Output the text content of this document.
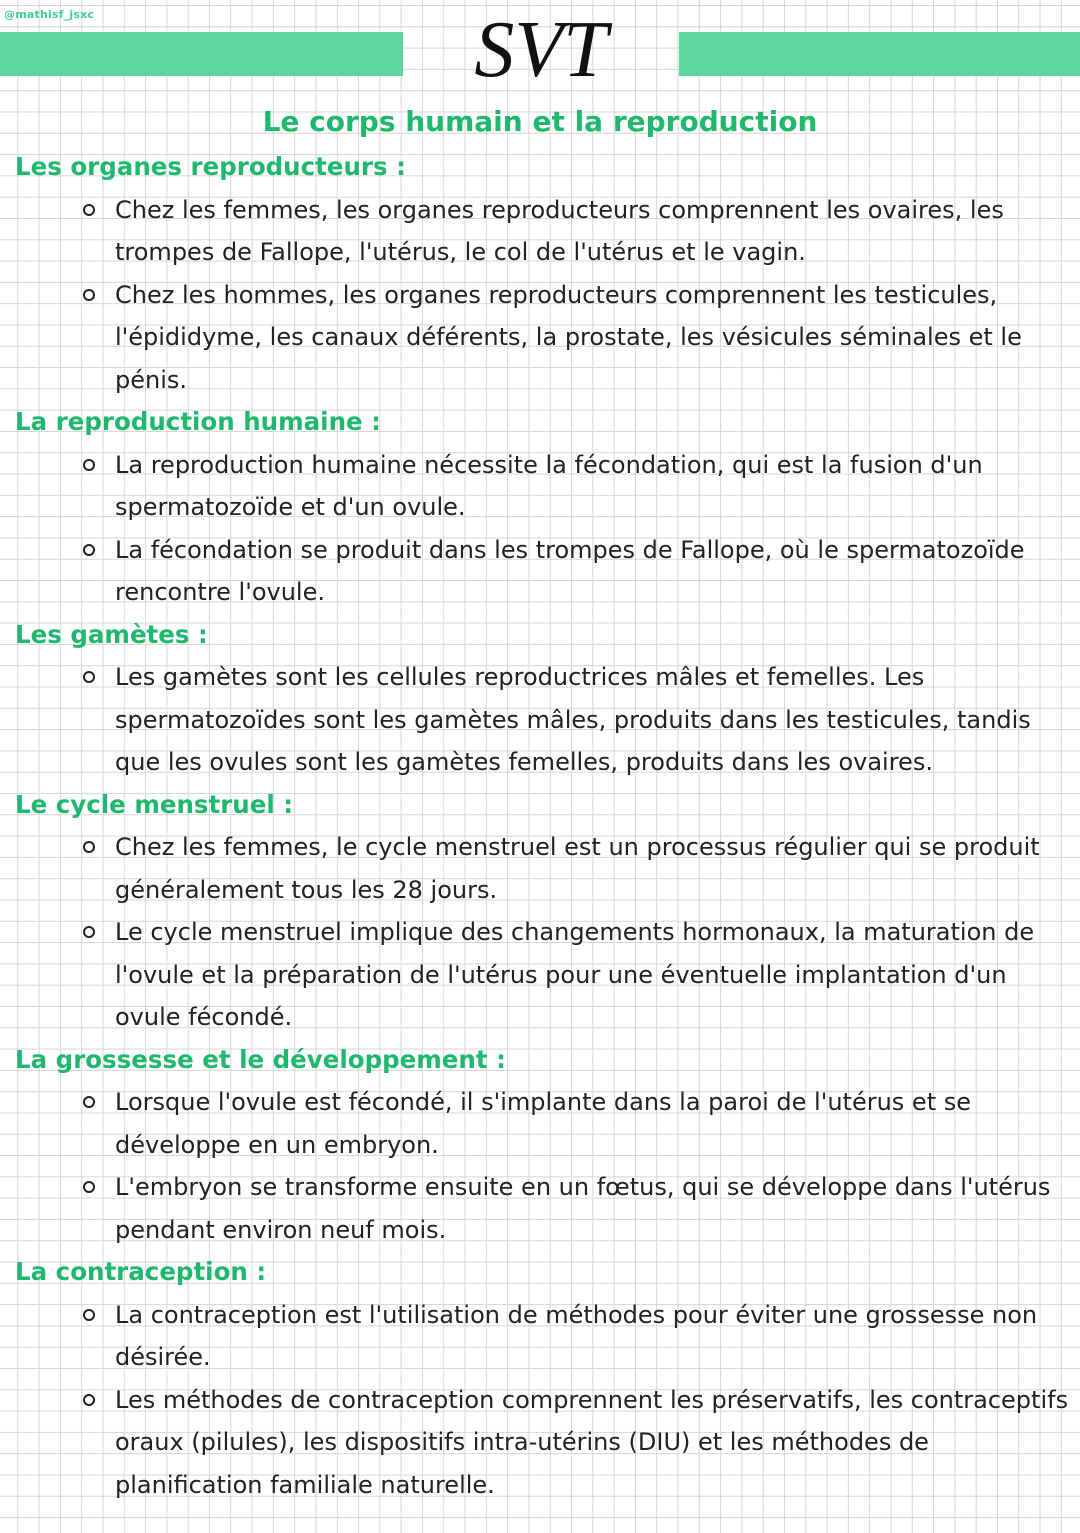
@mathisf_jsxc	SVT
Le corps humain et la reproduction
Les organes reproducteurs :
Chez les femmes, les organes reproducteurs comprennent les ovaires, les trompes de Fallope, l'utérus, le col de l'utérus et le vagin.
Chez les hommes, les organes reproducteurs comprennent les testicules, l'épididyme, les canaux déférents, la prostate, les vésicules séminales et le pénis.
La reproduction humaine :
La reproduction humaine nécessite la fécondation, qui est la fusion d'un spermatozoïde et d'un ovule.
La fécondation se produit dans les trompes de Fallope, où le spermatozoïde rencontre l'ovule.
Les gamètes :
Les gamètes sont les cellules reproductrices mâles et femelles. Les spermatozoïdes sont les gamètes mâles, produits dans les testicules, tandis que les ovules sont les gamètes femelles, produits dans les ovaires.
Le cycle menstruel :
Chez les femmes, le cycle menstruel est un processus régulier qui se produit généralement tous les 28 jours.
Le cycle menstruel implique des changements hormonaux, la maturation de l'ovule et la préparation de l'utérus pour une éventuelle implantation d'un ovule fécondé.
La grossesse et le développement :
Lorsque l'ovule est fécondé, il s'implante dans la paroi de l'utérus et se développe en un embryon.
L'embryon se transforme ensuite en un fœtus, qui se développe dans l'utérus pendant environ neuf mois.
La contraception :
La contraception est l'utilisation de méthodes pour éviter une grossesse non désirée.
Les méthodes de contraception comprennent les préservatifs, les contraceptifs oraux (pilules), les dispositifs intra-utérins (DIU) et les méthodes de planification familiale naturelle.
